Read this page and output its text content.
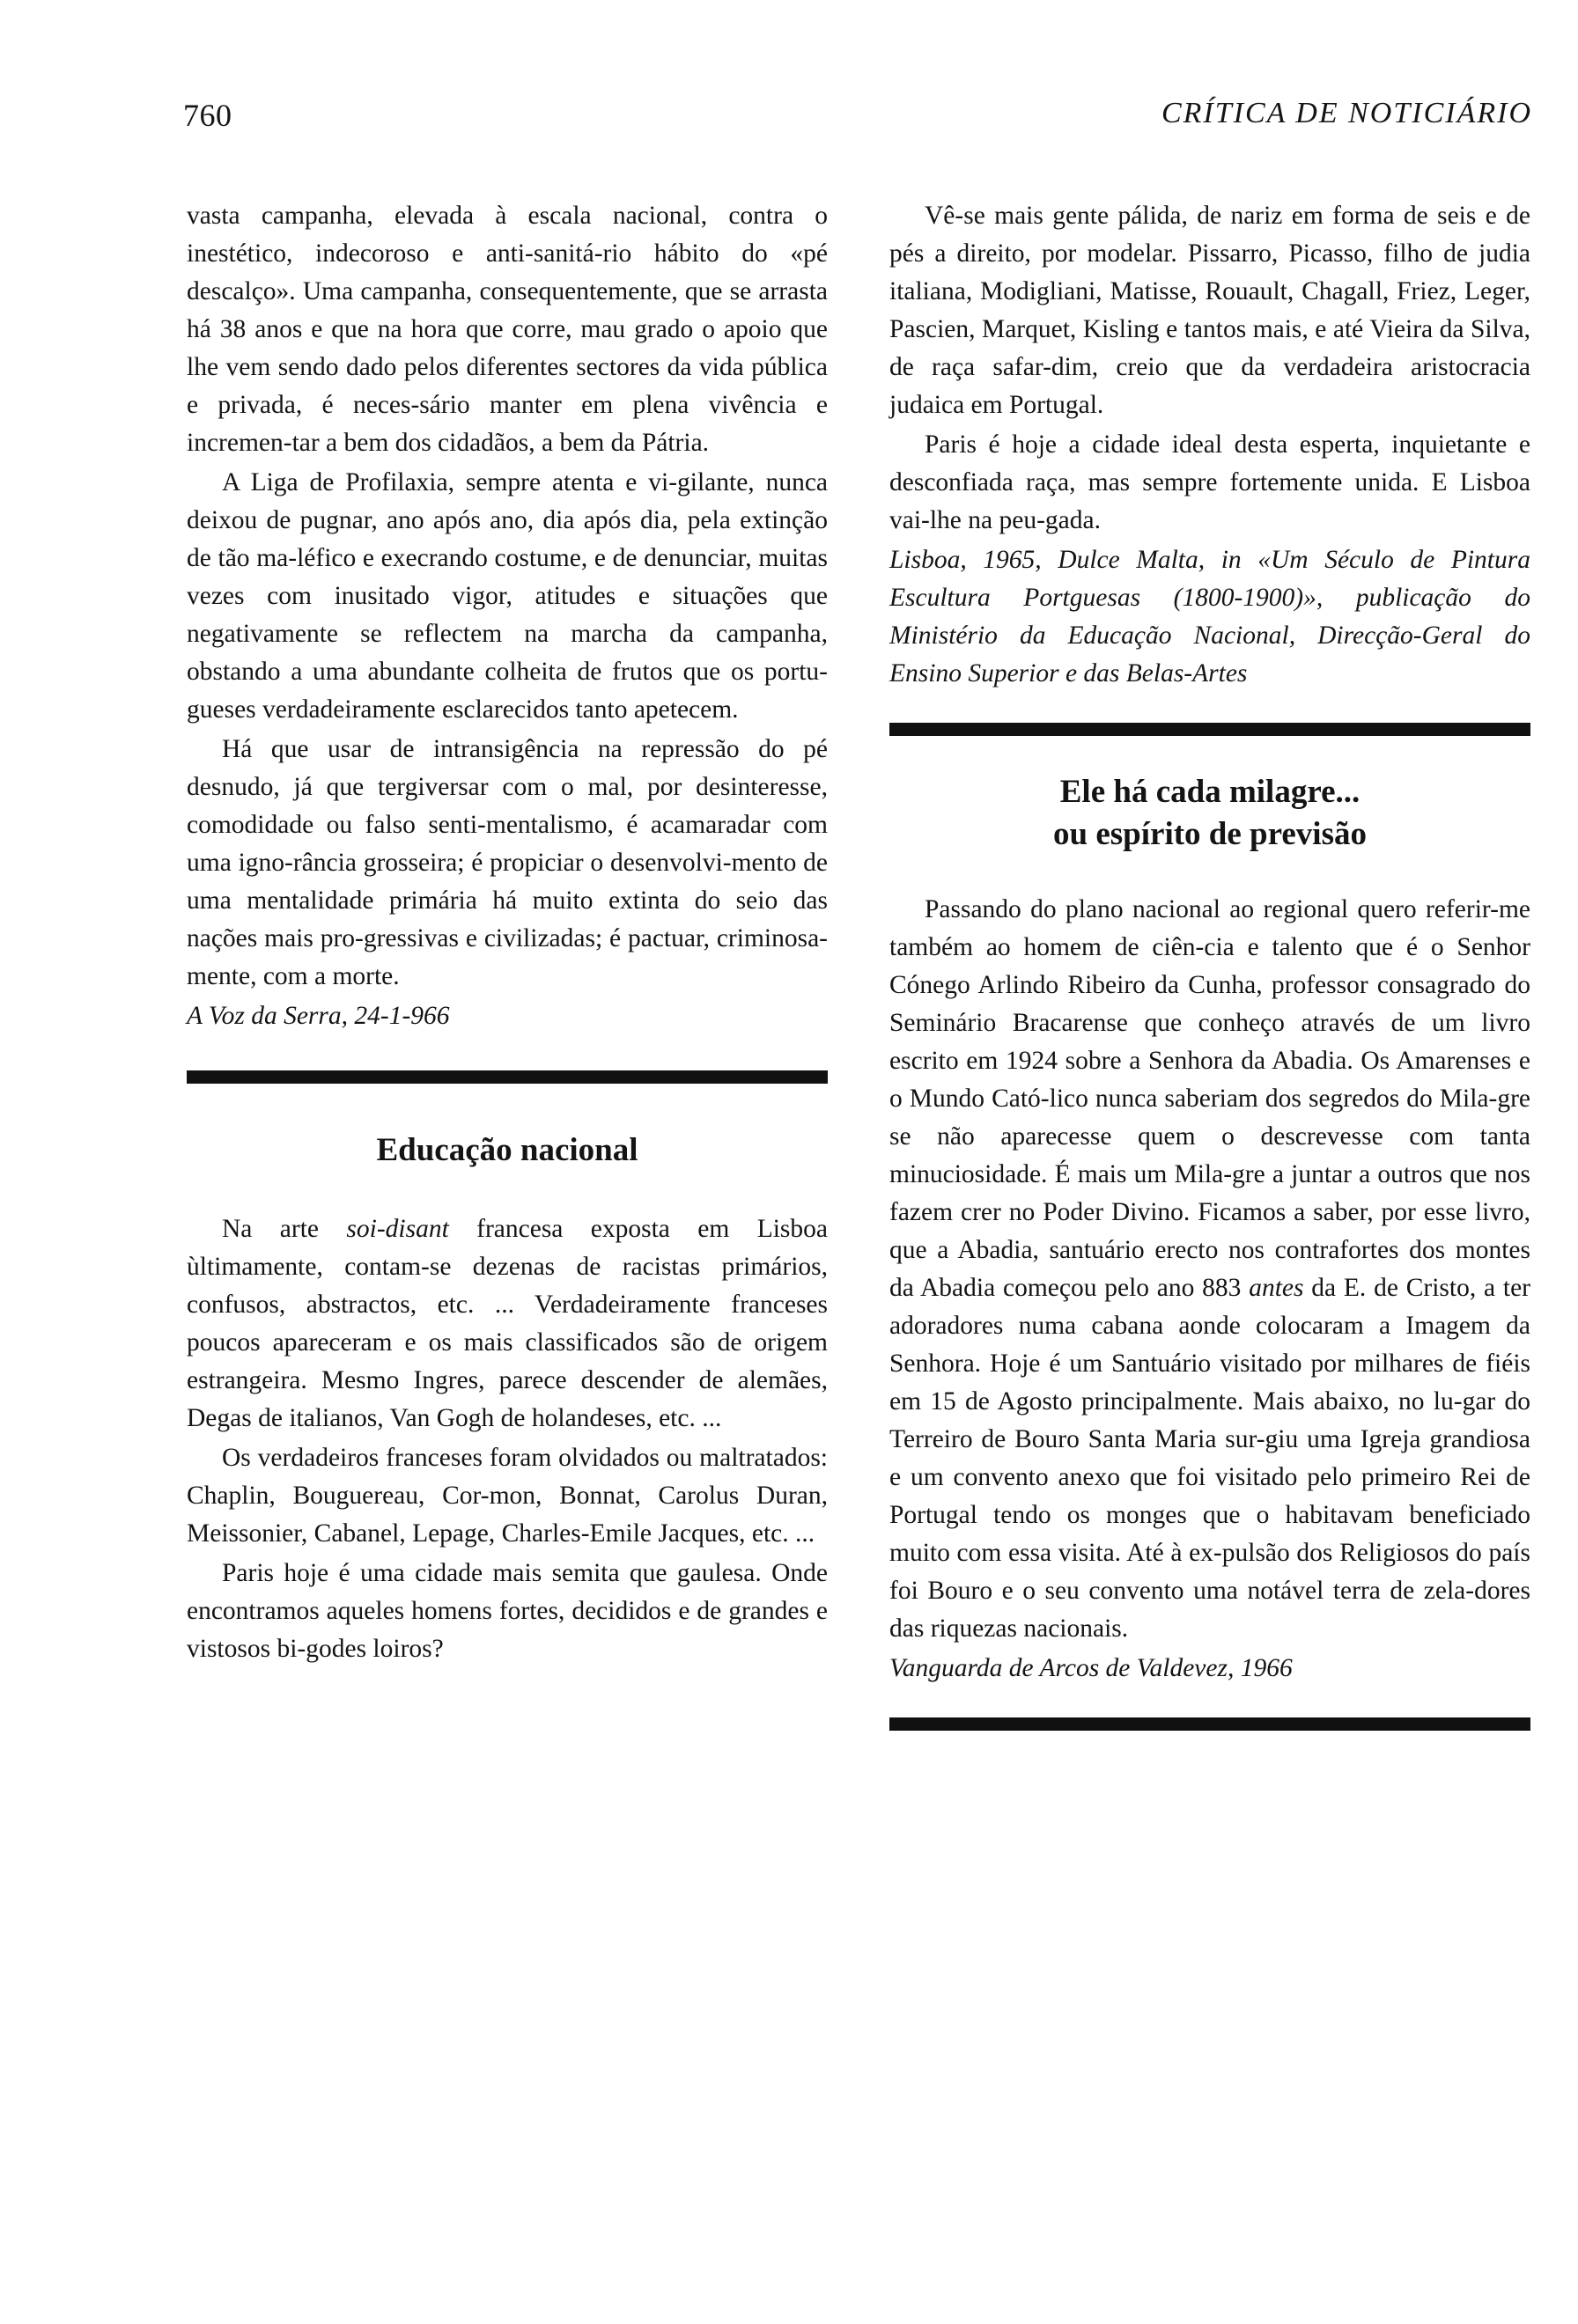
760	CRÍTICA DE NOTICIÁRIO

vasta campanha, elevada à escala nacional, contra o inestético, indecoroso e anti-sanitá-rio hábito do «pé descalço». Uma campanha, consequentemente, que se arrasta há 38 anos e que na hora que corre, mau grado o apoio que lhe vem sendo dado pelos diferentes sectores da vida pública e privada, é neces-sário manter em plena vivência e incremen-tar a bem dos cidadãos, a bem da Pátria.

A Liga de Profilaxia, sempre atenta e vi-gilante, nunca deixou de pugnar, ano após ano, dia após dia, pela extinção de tão ma-léfico e execrando costume, e de denunciar, muitas vezes com inusitado vigor, atitudes e situações que negativamente se reflectem na marcha da campanha, obstando a uma abundante colheita de frutos que os portu-gueses verdadeiramente esclarecidos tanto apetecem.

Há que usar de intransigência na repressão do pé desnudo, já que tergiversar com o mal, por desinteresse, comodidade ou falso senti-mentalismo, é acamaradar com uma igno-rância grosseira; é propiciar o desenvolvi-mento de uma mentalidade primária há muito extinta do seio das nações mais pro-gressivas e civilizadas; é pactuar, criminosa-mente, com a morte.

A Voz da Serra, 24-1-966

Educação nacional

Na arte soi-disant francesa exposta em Lisboa ùltimamente, contam-se dezenas de racistas primários, confusos, abstractos, etc. ... Verdadeiramente franceses poucos apareceram e os mais classificados são de origem estrangeira. Mesmo Ingres, parece descender de alemães, Degas de italianos, Van Gogh de holandeses, etc. ...

Os verdadeiros franceses foram olvidados ou maltratados: Chaplin, Bouguereau, Cor-mon, Bonnat, Carolus Duran, Meissonier, Cabanel, Lepage, Charles-Emile Jacques, etc. ...

Paris hoje é uma cidade mais semita que gaulesa. Onde encontramos aqueles homens fortes, decididos e de grandes e vistosos bi-godes loiros?

Vê-se mais gente pálida, de nariz em forma de seis e de pés a direito, por modelar. Pissarro, Picasso, filho de judia italiana, Modigliani, Matisse, Rouault, Chagall, Friez, Leger, Pascien, Marquet, Kisling e tantos mais, e até Vieira da Silva, de raça safar-dim, creio que da verdadeira aristocracia judaica em Portugal.

Paris é hoje a cidade ideal desta esperta, inquietante e desconfiada raça, mas sempre fortemente unida. E Lisboa vai-lhe na peu-gada.

Lisboa, 1965, Dulce Malta, in «Um Século de Pintura Escultura Portguesas (1800-1900)», publicação do Ministério da Educação Nacional, Direcção-Geral do Ensino Superior e das Belas-Artes

Ele há cada milagre...
ou espírito de previsão

Passando do plano nacional ao regional quero referir-me também ao homem de ciên-cia e talento que é o Senhor Cónego Arlindo Ribeiro da Cunha, professor consagrado do Seminário Bracarense que conheço através de um livro escrito em 1924 sobre a Senhora da Abadia. Os Amarenses e o Mundo Cató-lico nunca saberiam dos segredos do Mila-gre se não aparecesse quem o descrevesse com tanta minuciosidade. É mais um Mila-gre a juntar a outros que nos fazem crer no Poder Divino. Ficamos a saber, por esse livro, que a Abadia, santuário erecto nos contrafortes dos montes da Abadia começou pelo ano 883 antes da E. de Cristo, a ter adoradores numa cabana aonde colocaram a Imagem da Senhora. Hoje é um Santuário visitado por milhares de fiéis em 15 de Agosto principalmente. Mais abaixo, no lu-gar do Terreiro de Bouro Santa Maria sur-giu uma Igreja grandiosa e um convento anexo que foi visitado pelo primeiro Rei de Portugal tendo os monges que o habitavam beneficiado muito com essa visita. Até à ex-pulsão dos Religiosos do país foi Bouro e o seu convento uma notável terra de zela-dores das riquezas nacionais.

Vanguarda de Arcos de Valdevez, 1966
